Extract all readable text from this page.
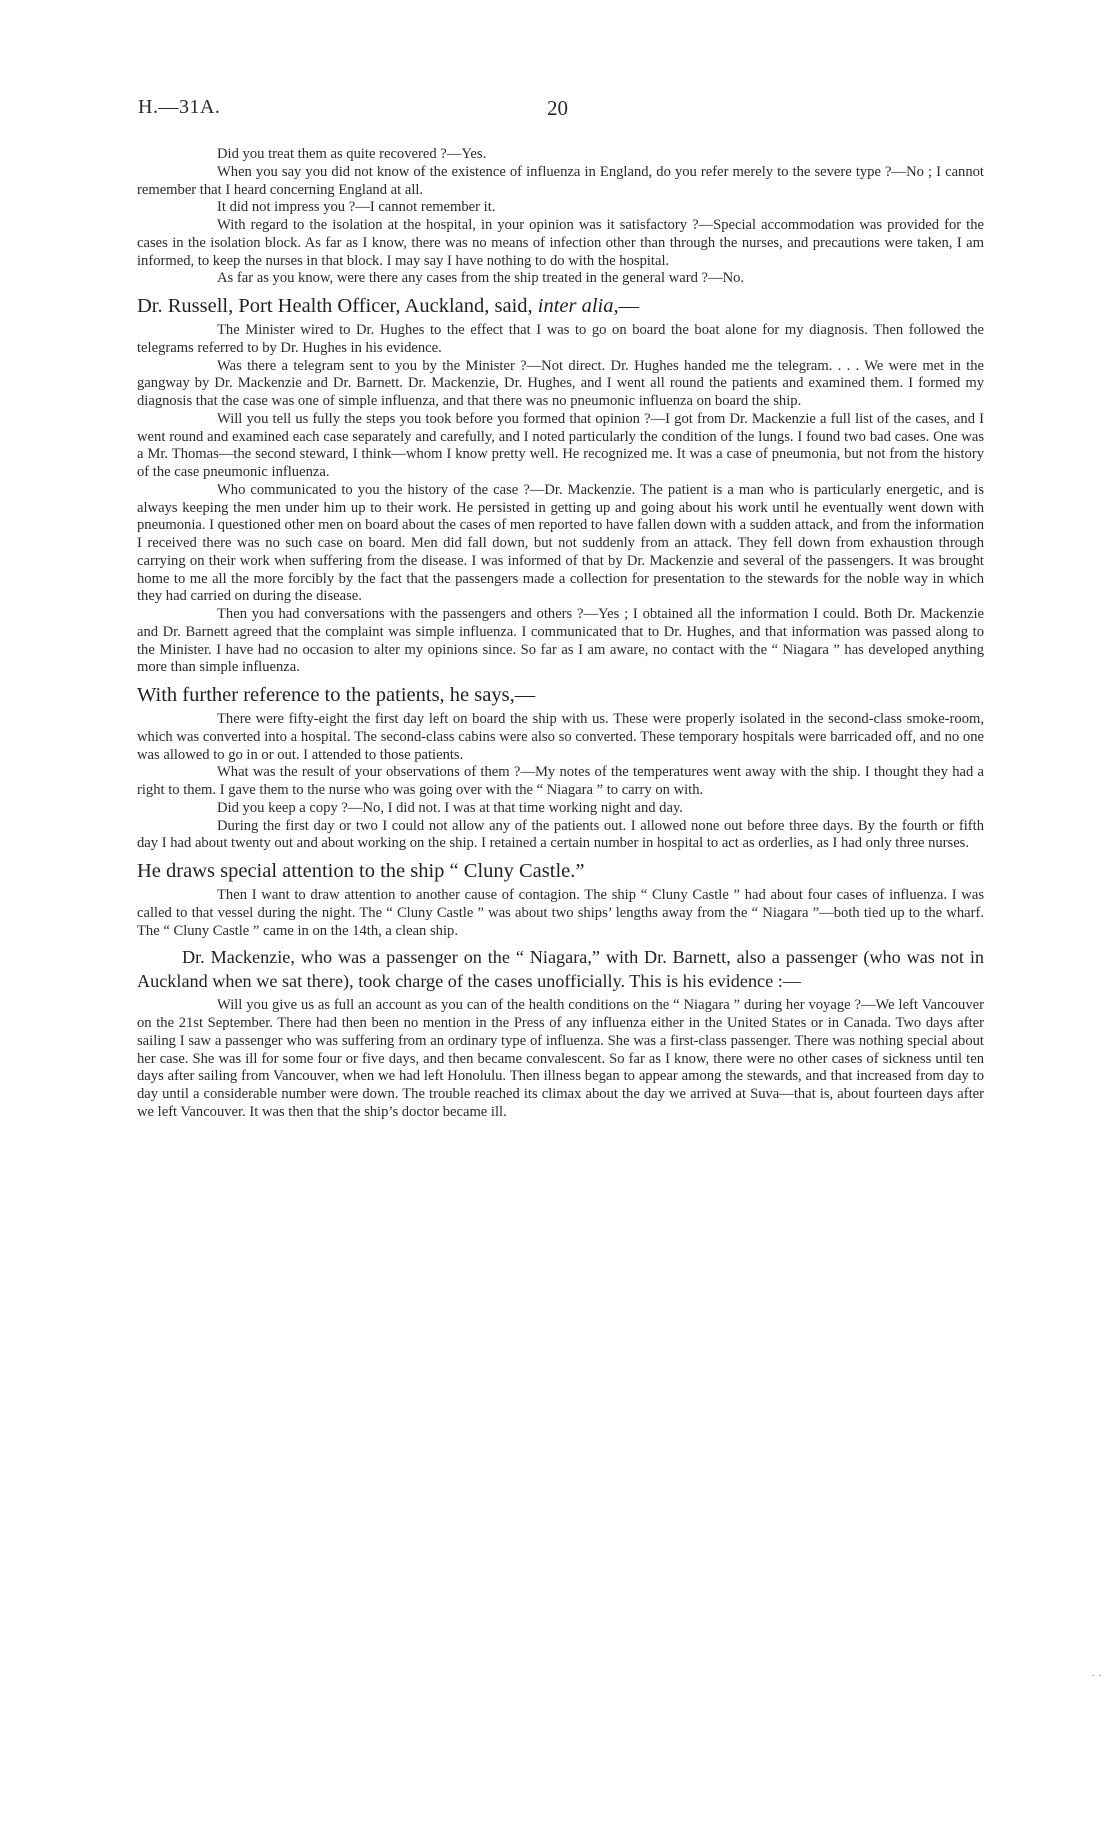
H.—31A.	20

Did you treat them as quite recovered ?—Yes.

When you say you did not know of the existence of influenza in England, do you refer merely to the severe type ?—No ; I cannot remember that I heard concerning England at all.

It did not impress you ?—I cannot remember it.

With regard to the isolation at the hospital, in your opinion was it satisfactory ?—Special accommodation was provided for the cases in the isolation block. As far as I know, there was no means of infection other than through the nurses, and precautions were taken, I am informed, to keep the nurses in that block. I may say I have nothing to do with the hospital.

As far as you know, were there any cases from the ship treated in the general ward ?—No.

Dr. Russell, Port Health Officer, Auckland, said, inter alia,—

The Minister wired to Dr. Hughes to the effect that I was to go on board the boat alone for my diagnosis. Then followed the telegrams referred to by Dr. Hughes in his evidence.

Was there a telegram sent to you by the Minister ?—Not direct. Dr. Hughes handed me the telegram. . . . We were met in the gangway by Dr. Mackenzie and Dr. Barnett. Dr. Mackenzie, Dr. Hughes, and I went all round the patients and examined them. I formed my diagnosis that the case was one of simple influenza, and that there was no pneumonic influenza on board the ship.

Will you tell us fully the steps you took before you formed that opinion ?—I got from Dr. Mackenzie a full list of the cases, and I went round and examined each case separately and carefully, and I noted particularly the condition of the lungs. I found two bad cases. One was a Mr. Thomas—the second steward, I think—whom I know pretty well. He recognized me. It was a case of pneumonia, but not from the history of the case pneumonic influenza.

Who communicated to you the history of the case ?—Dr. Mackenzie. The patient is a man who is particularly energetic, and is always keeping the men under him up to their work. He persisted in getting up and going about his work until he eventually went down with pneumonia. I questioned other men on board about the cases of men reported to have fallen down with a sudden attack, and from the information I received there was no such case on board. Men did fall down, but not suddenly from an attack. They fell down from exhaustion through carrying on their work when suffering from the disease. I was informed of that by Dr. Mackenzie and several of the passengers. It was brought home to me all the more forcibly by the fact that the passengers made a collection for presentation to the stewards for the noble way in which they had carried on during the disease.

Then you had conversations with the passengers and others ?—Yes ; I obtained all the information I could. Both Dr. Mackenzie and Dr. Barnett agreed that the complaint was simple influenza. I communicated that to Dr. Hughes, and that information was passed along to the Minister. I have had no occasion to alter my opinions since. So far as I am aware, no contact with the “ Niagara ” has developed anything more than simple influenza.

With further reference to the patients, he says,—

There were fifty-eight the first day left on board the ship with us. These were properly isolated in the second-class smoke-room, which was converted into a hospital. The second-class cabins were also so converted. These temporary hospitals were barricaded off, and no one was allowed to go in or out. I attended to those patients.

What was the result of your observations of them ?—My notes of the temperatures went away with the ship. I thought they had a right to them. I gave them to the nurse who was going over with the “ Niagara ” to carry on with.

Did you keep a copy ?—No, I did not. I was at that time working night and day.

During the first day or two I could not allow any of the patients out. I allowed none out before three days. By the fourth or fifth day I had about twenty out and about working on the ship. I retained a certain number in hospital to act as orderlies, as I had only three nurses.

He draws special attention to the ship “ Cluny Castle.”

Then I want to draw attention to another cause of contagion. The ship “ Cluny Castle ” had about four cases of influenza. I was called to that vessel during the night. The “ Cluny Castle ” was about two ships’ lengths away from the “ Niagara ”—both tied up to the wharf. The “ Cluny Castle ” came in on the 14th, a clean ship.

Dr. Mackenzie, who was a passenger on the “ Niagara,” with Dr. Barnett, also a passenger (who was not in Auckland when we sat there), took charge of the cases unofficially. This is his evidence :—

Will you give us as full an account as you can of the health conditions on the “ Niagara ” during her voyage ?—We left Vancouver on the 21st September. There had then been no mention in the Press of any influenza either in the United States or in Canada. Two days after sailing I saw a passenger who was suffering from an ordinary type of influenza. She was a first-class passenger. There was nothing special about her case. She was ill for some four or five days, and then became convalescent. So far as I know, there were no other cases of sickness until ten days after sailing from Vancouver, when we had left Honolulu. Then illness began to appear among the stewards, and that increased from day to day until a considerable number were down. The trouble reached its climax about the day we arrived at Suva—that is, about fourteen days after we left Vancouver. It was then that the ship’s doctor became ill.

· ·
